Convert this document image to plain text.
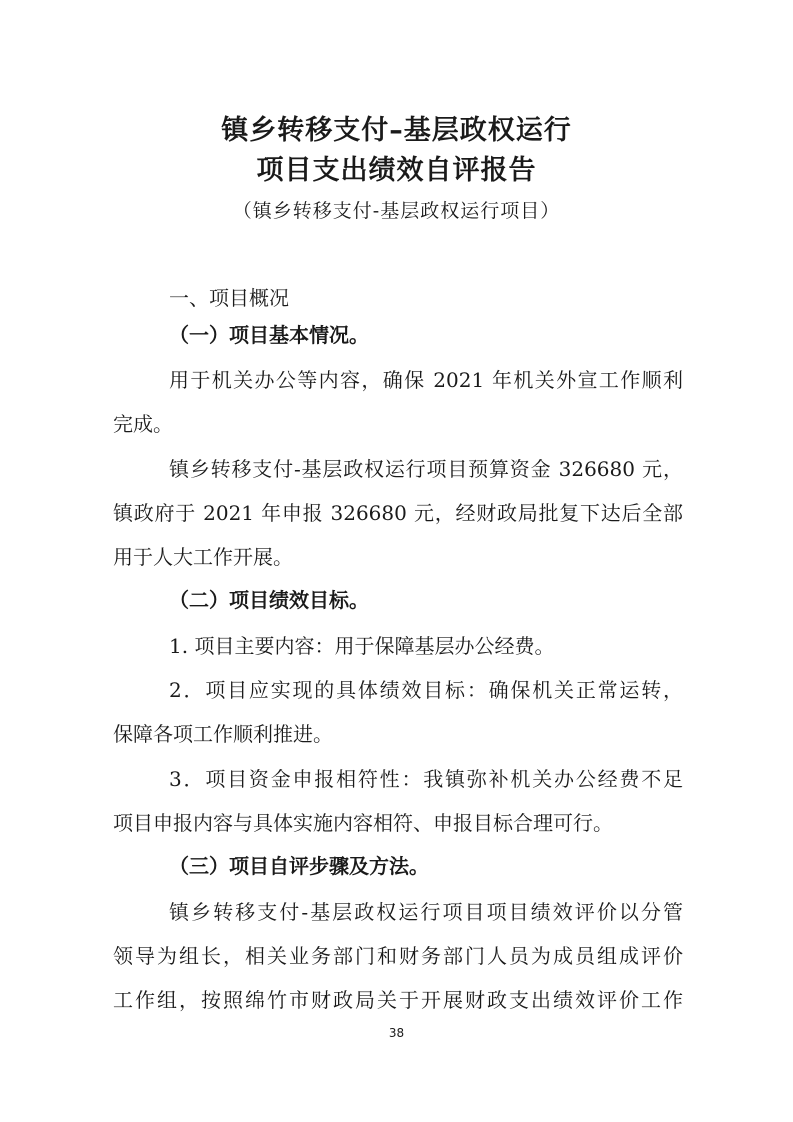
镇乡转移支付–基层政权运行
项目支出绩效自评报告

（镇乡转移支付-基层政权运行项目）

一、项目概况

（一）项目基本情况。

用于机关办公等内容，确保 2021 年机关外宣工作顺利

完成。

镇乡转移支付-基层政权运行项目预算资金 326680 元，

镇政府于 2021 年申报 326680 元，经财政局批复下达后全部

用于人大工作开展。

（二）项目绩效目标。

1. 项目主要内容：用于保障基层办公经费。

2．项目应实现的具体绩效目标：确保机关正常运转，

保障各项工作顺利推进。

3．项目资金申报相符性：我镇弥补机关办公经费不足

项目申报内容与具体实施内容相符、申报目标合理可行。

（三）项目自评步骤及方法。

镇乡转移支付-基层政权运行项目项目绩效评价以分管

领导为组长，相关业务部门和财务部门人员为成员组成评价

工作组，按照绵竹市财政局关于开展财政支出绩效评价工作

38
